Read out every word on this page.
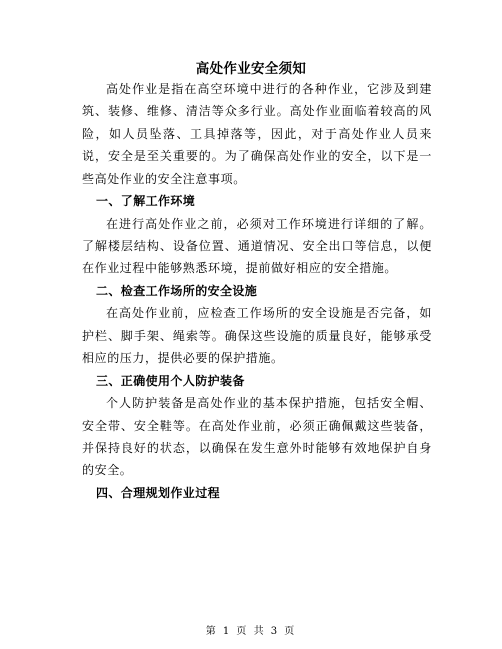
高处作业安全须知

高处作业是指在高空环境中进行的各种作业，它涉及到建筑、装修、维修、清洁等众多行业。高处作业面临着较高的风险，如人员坠落、工具掉落等，因此，对于高处作业人员来说，安全是至关重要的。为了确保高处作业的安全，以下是一些高处作业的安全注意事项。

一、了解工作环境

在进行高处作业之前，必须对工作环境进行详细的了解。了解楼层结构、设备位置、通道情况、安全出口等信息，以便在作业过程中能够熟悉环境，提前做好相应的安全措施。

二、检查工作场所的安全设施

在高处作业前，应检查工作场所的安全设施是否完备，如护栏、脚手架、绳索等。确保这些设施的质量良好，能够承受相应的压力，提供必要的保护措施。

三、正确使用个人防护装备

个人防护装备是高处作业的基本保护措施，包括安全帽、安全带、安全鞋等。在高处作业前，必须正确佩戴这些装备，并保持良好的状态，以确保在发生意外时能够有效地保护自身的安全。

四、合理规划作业过程

第 1 页 共 3 页
